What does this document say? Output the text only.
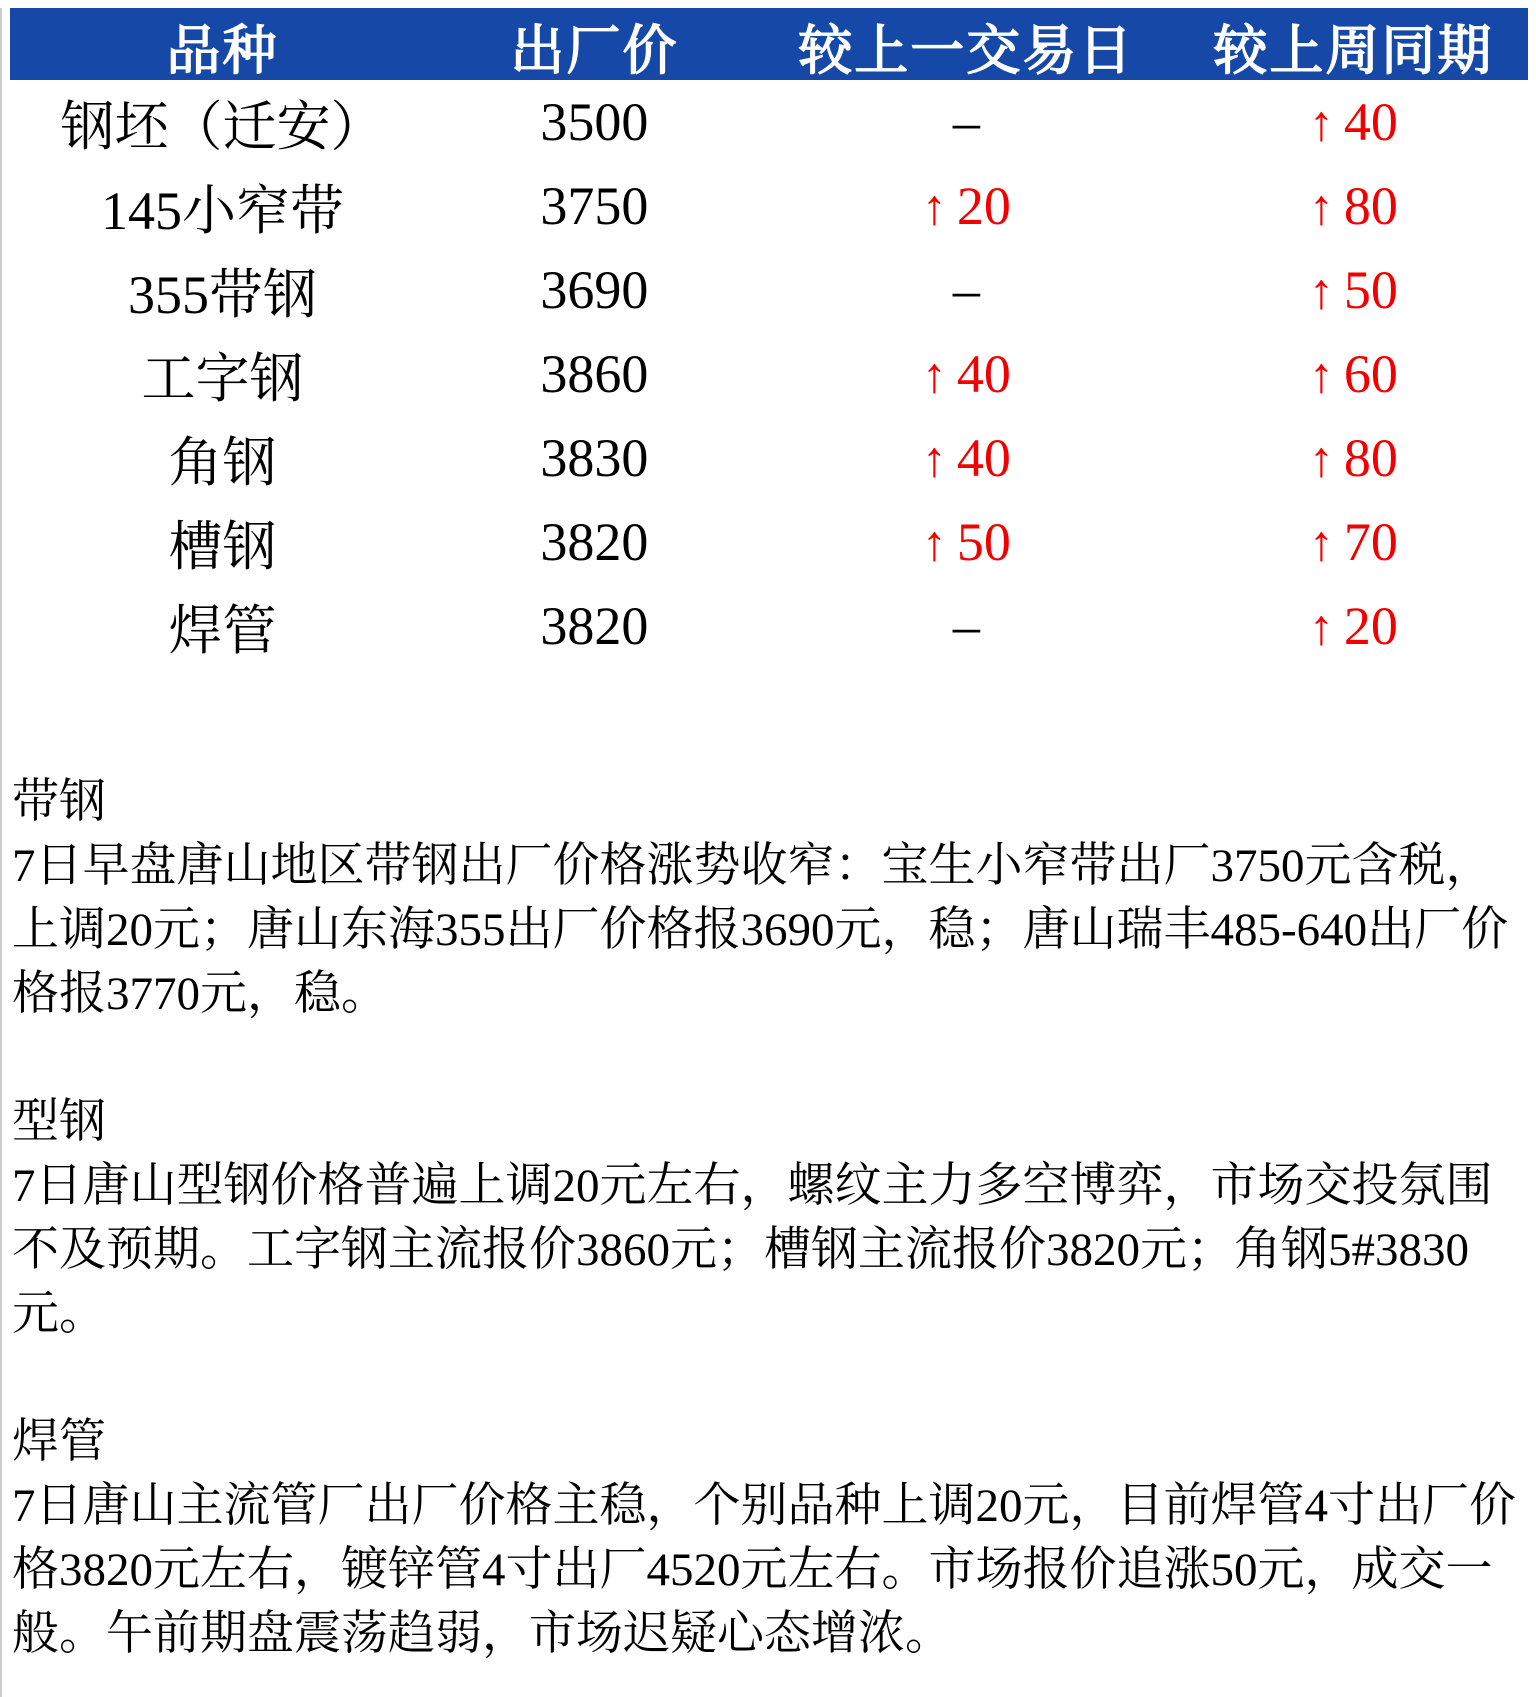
品种	出厂价	较上一交易日	较上周同期
钢坯（迁安）	3500	–	↑ 40
145小窄带	3750	↑ 20	↑ 80
355带钢	3690	–	↑ 50
工字钢	3860	↑ 40	↑ 60
角钢	3830	↑ 40	↑ 80
槽钢	3820	↑ 50	↑ 70
焊管	3820	–	↑ 20
带钢
7日早盘唐山地区带钢出厂价格涨势收窄：宝生小窄带出厂3750元含税，上调20元；唐山东海355出厂价格报3690元，稳；唐山瑞丰485-640出厂价格报3770元，稳。
型钢
7日唐山型钢价格普遍上调20元左右，螺纹主力多空博弈，市场交投氛围不及预期。工字钢主流报价3860元；槽钢主流报价3820元；角钢5#3830元。
焊管
7日唐山主流管厂出厂价格主稳，个别品种上调20元，目前焊管4寸出厂价格3820元左右，镀锌管4寸出厂4520元左右。市场报价追涨50元，成交一般。午前期盘震荡趋弱，市场迟疑心态增浓。
